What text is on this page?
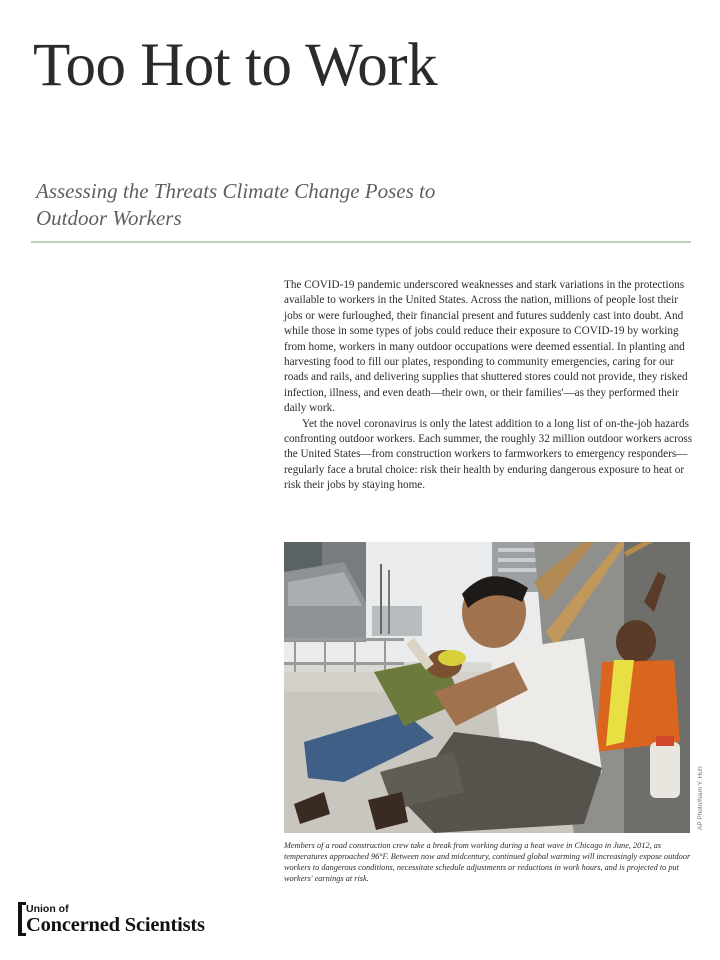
Too Hot to Work
Assessing the Threats Climate Change Poses to Outdoor Workers

The COVID-19 pandemic underscored weaknesses and stark variations in the protections available to workers in the United States. Across the nation, millions of people lost their jobs or were furloughed, their financial present and futures suddenly cast into doubt. And while those in some types of jobs could reduce their exposure to COVID-19 by working from home, workers in many outdoor occupations were deemed essential. In planting and harvesting food to fill our plates, responding to community emergencies, caring for our roads and rails, and delivering supplies that shuttered stores could not provide, they risked infection, illness, and even death—their own, or their families'—as they performed their daily work.

Yet the novel coronavirus is only the latest addition to a long list of on-the-job hazards confronting outdoor workers. Each summer, the roughly 32 million outdoor workers across the United States—from construction workers to farmworkers to emergency responders—regularly face a brutal choice: risk their health by enduring dangerous exposure to heat or risk their jobs by staying home.

AP Photo/Nam Y. Huh
Members of a road construction crew take a break from working during a heat wave in Chicago in June, 2012, as temperatures approached 96°F. Between now and midcentury, continued global warming will increasingly expose outdoor workers to dangerous conditions, necessitate schedule adjustments or reductions in work hours, and is projected to put workers' earnings at risk.
Union of
Concerned Scientists
